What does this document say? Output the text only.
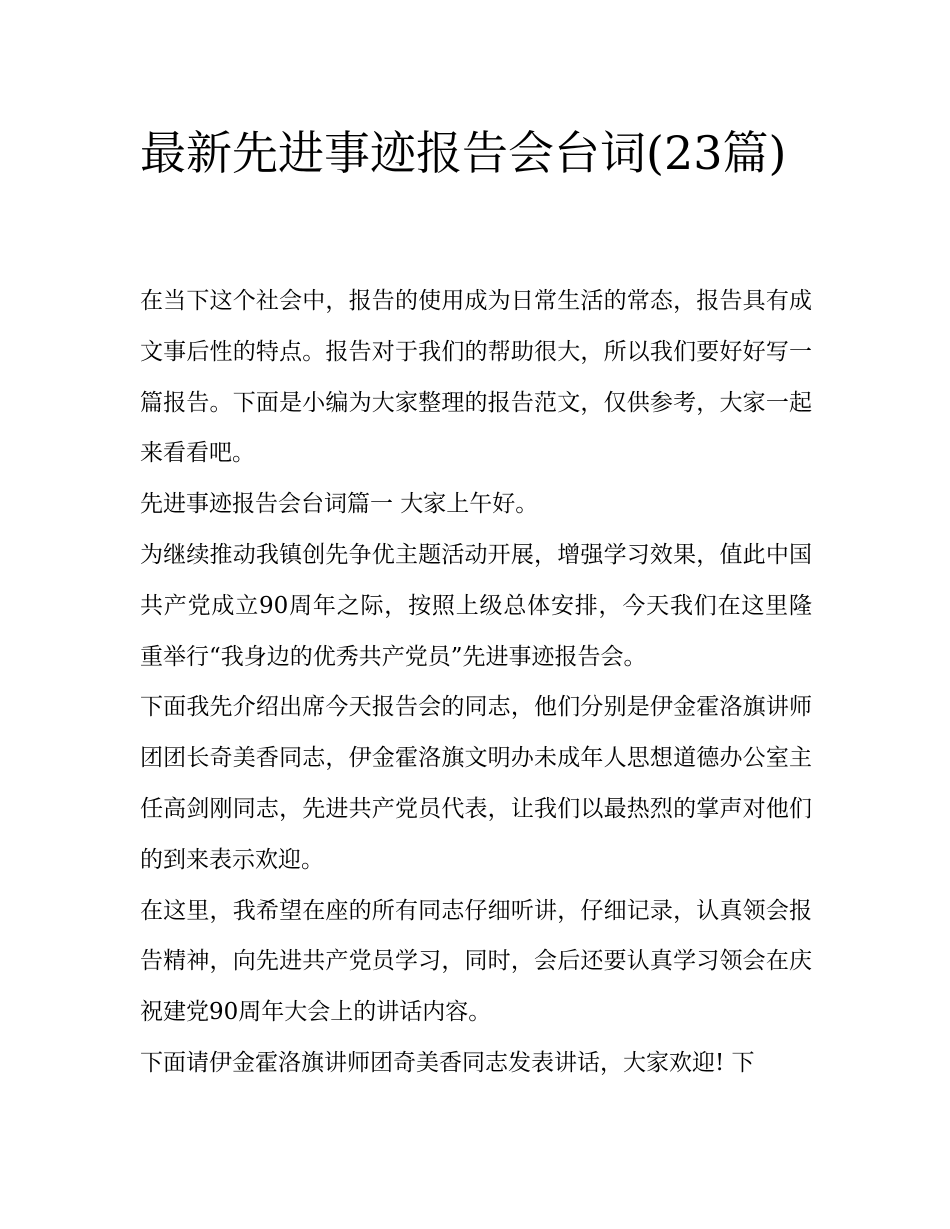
最新先进事迹报告会台词(23篇)

在当下这个社会中，报告的使用成为日常生活的常态，报告具有成文事后性的特点。报告对于我们的帮助很大，所以我们要好好写一篇报告。下面是小编为大家整理的报告范文，仅供参考，大家一起来看看吧。

先进事迹报告会台词篇一 大家上午好。

为继续推动我镇创先争优主题活动开展，增强学习效果，值此中国共产党成立90周年之际，按照上级总体安排，今天我们在这里隆重举行“我身边的优秀共产党员”先进事迹报告会。

下面我先介绍出席今天报告会的同志，他们分别是伊金霍洛旗讲师团团长奇美香同志，伊金霍洛旗文明办未成年人思想道德办公室主任高剑刚同志，先进共产党员代表，让我们以最热烈的掌声对他们的到来表示欢迎。

在这里，我希望在座的所有同志仔细听讲，仔细记录，认真领会报告精神，向先进共产党员学习，同时，会后还要认真学习领会在庆祝建党90周年大会上的讲话内容。

下面请伊金霍洛旗讲师团奇美香同志发表讲话，大家欢迎! 下
